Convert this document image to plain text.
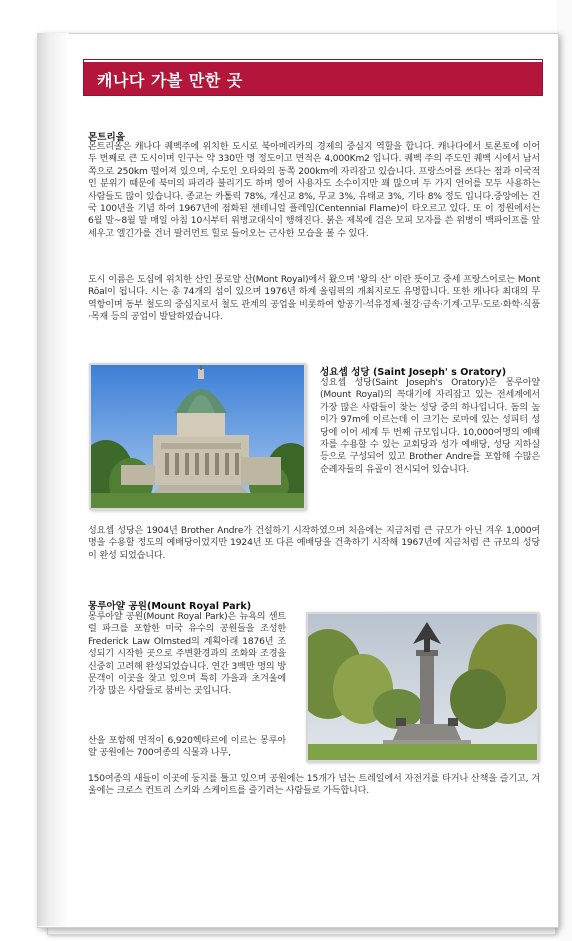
캐나다 가볼 만한 곳
몬트리올
몬트리올은 캐나다 퀘벡주에 위치한 도시로 북아메리카의 경제의 중심지 역할을 합니다. 캐나다에서 토론토에 이어 두 번째로 큰 도시이며 인구는 약 330만 명 정도이고 면적은 4,000Km2 입니다. 퀘벡 주의 주도인 퀘벡 시에서 남서쪽으로 250km 떨어져 있으며, 수도인 오타와의 동쪽 200km에 자리잡고 있습니다. 프랑스어를 쓰다는 점과 이국적인 분위기 때문에 북미의 파리라 불리기도 하며 영어 사용자도 소수이지만 꽤 많으며 두 가지 언어를 모두 사용하는 사람들도 많이 있습니다. 종교는 카톨릭 78%, 개신교 8%, 무교 3%, 유태교 3%, 기타 8% 정도 입니다.중앙에는 건국 100년을 기념 하여 1967년에 점화된 센테니얼 플레임(Centennial Flame)이 타오르고 있다. 또 이 정원에서는 6월 말~8월 말 매일 아침 10시부터 위병교대식이 행해진다. 붉은 제복에 검은 모피 모자를 쓴 위병이 백파이프를 앞세우고 엘긴가를 건너 팔러먼트 힐로 들어오는 근사한 모습을 볼 수 있다.
도시 이름은 도심에 위치한 산인 몽로얄 산(Mont Royal)에서 왔으며 '왕의 산' 이란 뜻이고 중세 프랑스어로는 Mont Rôal이 됩니다. 시는 총 74개의 섬이 있으며 1976년 하계 올림픽의 개최지로도 유명합니다. 또한 캐나다 최대의 무역항이며 동부 철도의 중심지로서 철도 관계의 공업을 비롯하여 항공기·석유정제·철강·금속·기계·고무·도로·화학·식품·목재 등의 공업이 발달하였습니다.
성요셉 성당 (Saint Joseph' s Oratory)
성요셉 성당(Saint Joseph's Oratory)은 몽루아얄(Mount Royal)의 꼭대기에 자리잡고 있는 전세계에서 가장 많은 사람들이 찾는 성당 중의 하나입니다. 돔의 높이가 97m에 이르는데 이 크기는 로마에 있는 성피터 성당에 이어 세계 두 번째 규모입니다. 10,000여명의 예배자를 수용할 수 있는 교회당과 성가 예배당, 성당 지하실 등으로 구성되어 있고 Brother Andre를 포함해 수많은 순례자들의 유골이 전시되어 있습니다.
성요셉 성당은 1904년 Brother Andre가 건설하기 시작하였으며 처음에는 지금처럼 큰 규모가 아닌 겨우 1,000여명을 수용할 정도의 예배당이었지만 1924년 또 다른 예배당을 건축하기 시작해 1967년에 지금처럼 큰 규모의 성당이 완성 되었습니다.
몽루아얄 공원(Mount Royal Park)
몽루아얄 공원(Mount Royal Park)은 뉴욕의 센트럴 파크를 포함한 미국 유수의 공원들을 조성한 Frederick Law Olmsted의 계획아래 1876년 조성되기 시작한 곳으로 주변환경과의 조화와 조경을 신중히 고려해 완성되었습니다. 연간 3백만 명의 방문객이 이곳을 찾고 있으며 특히 가을과 초겨울에 가장 많은 사람들로 붐비는 곳입니다.
산을 포함해 면적이 6,920헥타르에 이르는 몽루아얄 공원에는 700여종의 식물과 나무,
150여종의 새들이 이곳에 둥지를 틀고 있으며 공원에는 15개가 넘는 트레일에서 자전거를 타거나 산책을 즐기고, 겨울에는 크로스 컨트리 스키와 스케이트를 즐기려는 사람들로 가득합니다.
